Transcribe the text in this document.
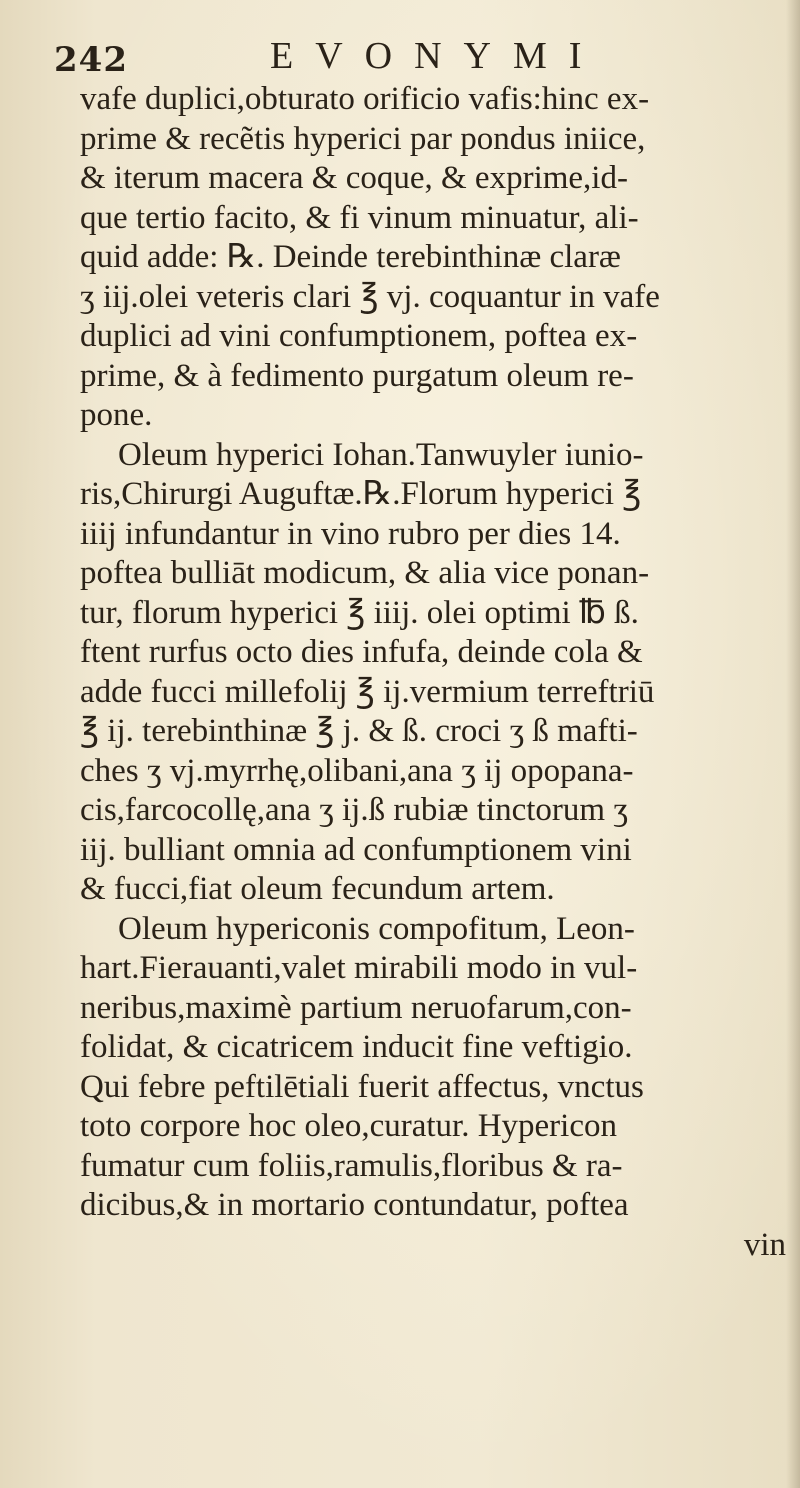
242	EVONYMI
vafe duplici,obturato orificio vafis:hinc ex-
prime & recẽtis hyperici par pondus iniice,
& iterum macera & coque, & exprime,id-
que tertio facito, & fi vinum minuatur, ali-
quid adde: ℞. Deinde terebinthinæ claræ
ʒ iij.olei veteris clari ℥ vj. coquantur in vafe
duplici ad vini confumptionem, poftea ex-
prime, & à fedimento purgatum oleum re-
pone.
Oleum hyperici Iohan.Tanwuyler iunio-
ris,Chirurgi Auguftæ.℞.Florum hyperici ℥
iiij infundantur in vino rubro per dies 14.
poftea bulliāt modicum, & alia vice ponan-
tur, florum hyperici ℥ iiij. olei optimi ℔ ß.
ftent rurfus octo dies infufa, deinde cola &
adde fucci millefolij ℥ ij.vermium terreftriū
℥ ij. terebinthinæ ℥ j. & ß. croci ʒ ß mafti-
ches ʒ vj.myrrhę,olibani,ana ʒ ij opopana-
cis,farcocollę,ana ʒ ij.ß rubiæ tinctorum ʒ
iij. bulliant omnia ad confumptionem vini
& fucci,fiat oleum fecundum artem.
Oleum hypericonis compofitum, Leon-
hart.Fierauanti,valet mirabili modo in vul-
neribus,maximè partium neruofarum,con-
folidat, & cicatricem inducit fine veftigio.
Qui febre peftilētiali fuerit affectus, vnctus
toto corpore hoc oleo,curatur. Hypericon
fumatur cum foliis,ramulis,floribus & ra-
dicibus,& in mortario contundatur, poftea
vin
